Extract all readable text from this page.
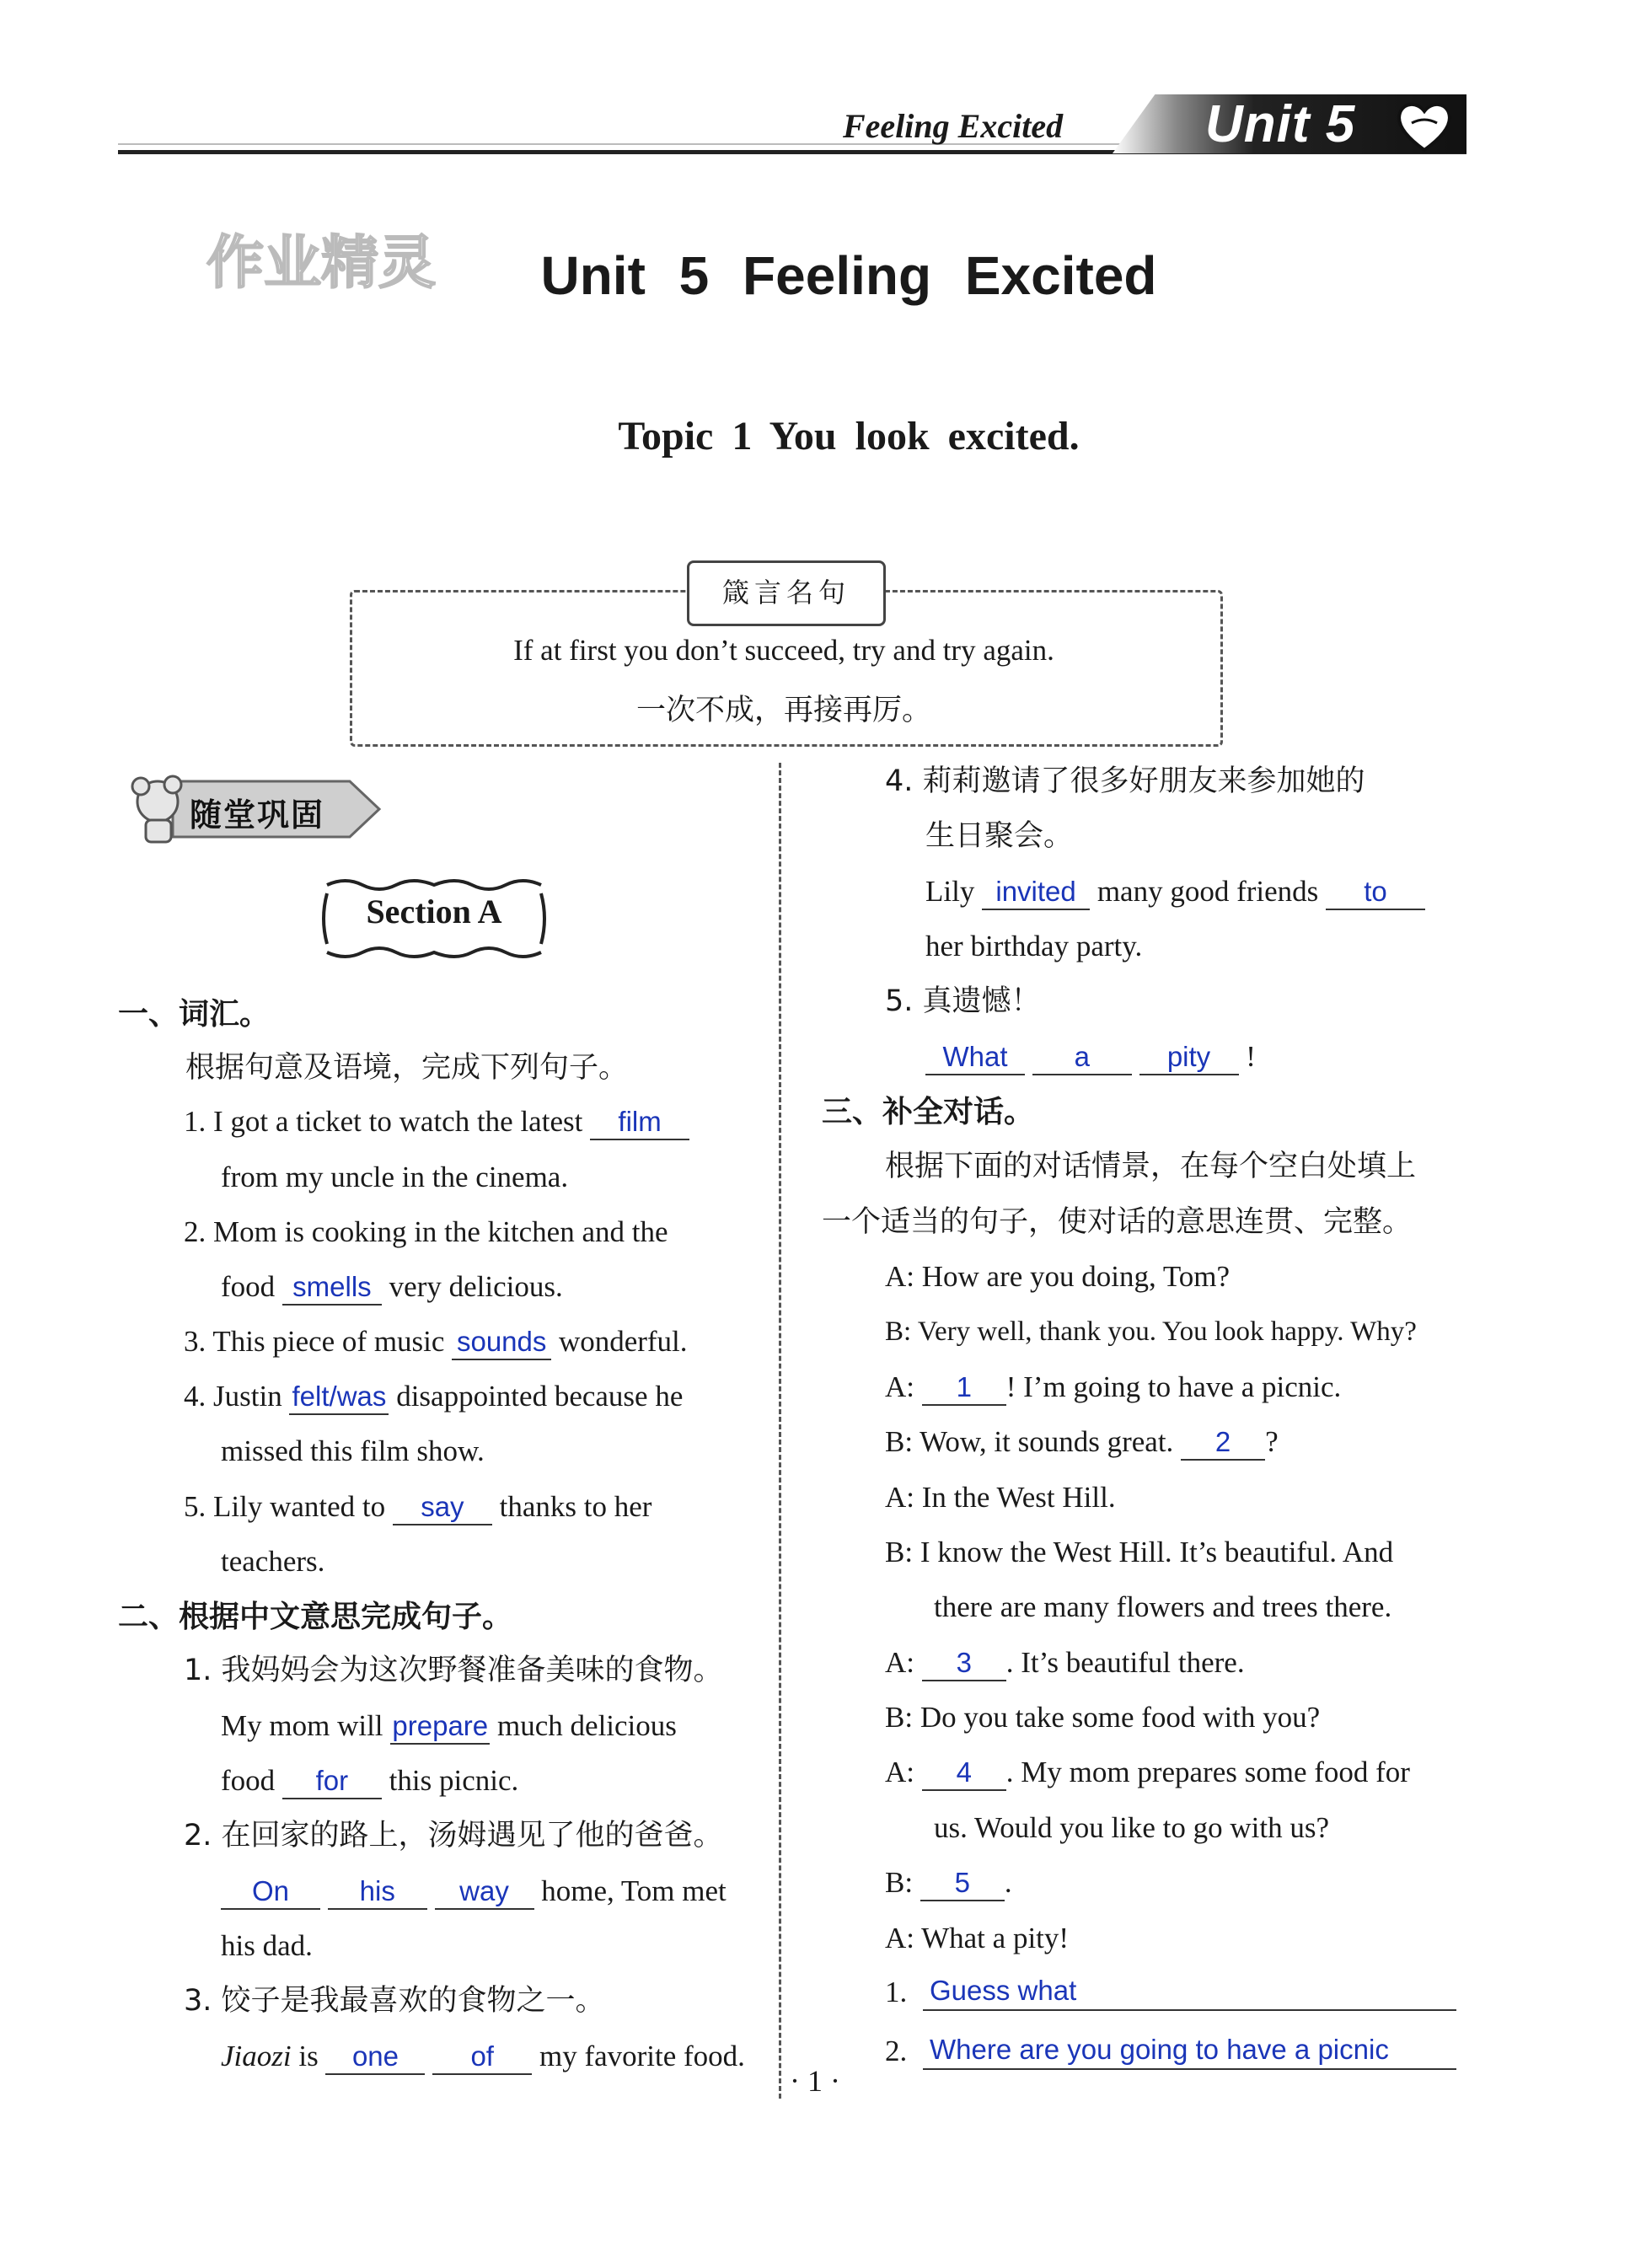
Feeling Excited	Unit 5
作业精灵	Unit 5 Feeling Excited
Topic 1 You look excited.
箴言名句
If at first you don’t succeed, try and try again.
一次不成，再接再厉。
随堂巩固
Section A
一、词汇。
根据句意及语境，完成下列句子。
1. I got a ticket to watch the latest film
from my uncle in the cinema.
2. Mom is cooking in the kitchen and the
food smells very delicious.
3. This piece of music sounds wonderful.
4. Justin felt/was disappointed because he
missed this film show.
5. Lily wanted to say thanks to her
teachers.
二、根据中文意思完成句子。
1. 我妈妈会为这次野餐准备美味的食物。
My mom will prepare much delicious
food for this picnic.
2. 在回家的路上，汤姆遇见了他的爸爸。
On	his way home, Tom met
his dad.
3. 饺子是我最喜欢的食物之一。
Jiaozi is one	of my favorite food.
4. 莉莉邀请了很多好朋友来参加她的
生日聚会。
Lily invited many good friends to
her birthday party.
5. 真遗憾！
What a	pity !
三、补全对话。
根据下面的对话情景，在每个空白处填上
一个适当的句子，使对话的意思连贯、完整。
A: How are you doing, Tom?
B: Very well, thank you. You look happy. Why?
A: 1 ! I’m going to have a picnic.
B: Wow, it sounds great. 2 ?
A: In the West Hill.
B: I know the West Hill. It’s beautiful. And
there are many flowers and trees there.
A: 3 . It’s beautiful there.
B: Do you take some food with you?
A: 4 . My mom prepares some food for
us. Would you like to go with us?
B: 5 .
A: What a pity!
1. Guess what
2. Where are you going to have a picnic
· 1 ·
